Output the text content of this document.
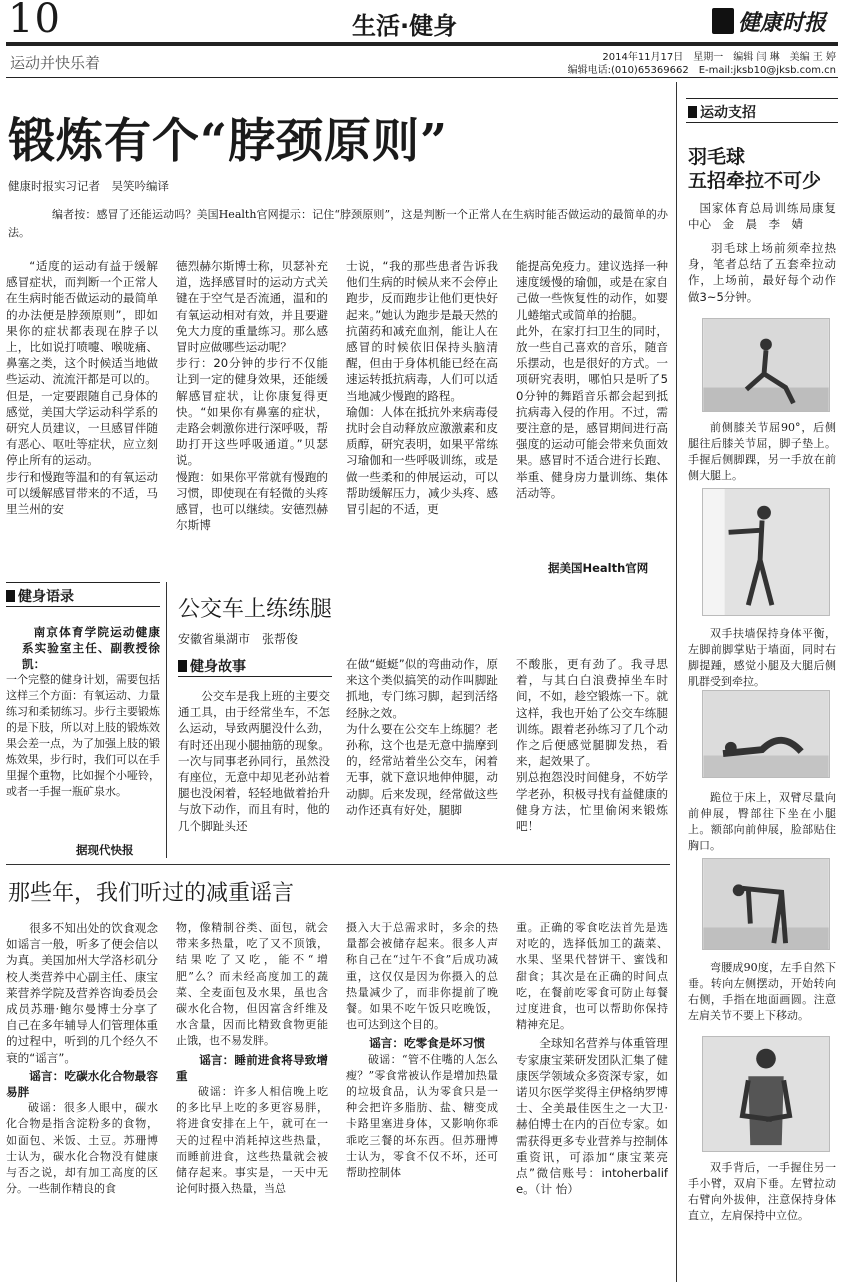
10	生活·健身	健康时报
运动并快乐着	2014年11月17日　星期一　编辑 闫 琳　美编 王 婷
编辑电话:(010)65369662　E-mail:jksb10@jksb.com.cn
锻炼有个“脖颈原则”
健康时报实习记者　吴笑吟编译
编者按：感冒了还能运动吗？美国Health官网提示：记住“脖颈原则”，这是判断一个正常人在生病时能否做运动的最简单的办法。
“适度的运动有益于缓解感冒症状，而判断一个正常人在生病时能否做运动的最简单的办法便是脖颈原则”，即如果你的症状都表现在脖子以上，比如说打喷嚏、喉咙痛、鼻塞之类，这个时候适当地做些运动、流流汗都是可以的。
但是，一定要跟随自己身体的感觉，美国大学运动科学系的研究人员建议，一旦感冒伴随有恶心、呕吐等症状，应立刻停止所有的运动。
步行和慢跑等温和的有氧运动可以缓解感冒带来的不适，马里兰州的安
德烈赫尔斯博士称，贝瑟补充道，选择感冒时的运动方式关键在于空气是否流通，温和的有氧运动相对有效，并且要避免大力度的重量练习。那么感冒时应做哪些运动呢？
步行：20分钟的步行不仅能让到一定的健身效果，还能缓解感冒症状，让你康复得更快。“如果你有鼻塞的症状，走路会刺激你进行深呼吸，帮助打开这些呼吸通道。”贝瑟说。
慢跑：如果你平常就有慢跑的习惯，即使现在有轻微的头疼感冒，也可以继续。安德烈赫尔斯博
士说，“我的那些患者告诉我他们生病的时候从来不会停止跑步，反而跑步让他们更快好起来。”她认为跑步是最天然的抗菌药和减充血剂，能让人在感冒的时候依旧保持头脑清醒，但由于身体机能已经在高速运转抵抗病毒，人们可以适当地减少慢跑的路程。
瑜伽：人体在抵抗外来病毒侵扰时会自动释放应激激素和皮质醇，研究表明，如果平常练习瑜伽和一些呼吸训练，或是做一些柔和的伸展运动，可以帮助缓解压力，减少头疼、感冒引起的不适，更
能提高免疫力。建议选择一种速度缓慢的瑜伽，或是在家自己做一些恢复性的动作，如婴儿蜷缩式或简单的抬腿。
此外，在家打扫卫生的同时，放一些自己喜欢的音乐，随音乐摆动，也是很好的方式。一项研究表明，哪怕只是听了50分钟的舞蹈音乐都会起到抵抗病毒入侵的作用。不过，需要注意的是，感冒期间进行高强度的运动可能会带来负面效果。感冒时不适合进行长跑、举重、健身房力量训练、集体活动等。
据美国Health官网
健身语录
南京体育学院运动健康系实验室主任、副教授徐凯：
一个完整的健身计划，需要包括这样三个方面：有氧运动、力量练习和柔韧练习。步行主要锻炼的是下肢，所以对上肢的锻炼效果会差一点，为了加强上肢的锻炼效果，步行时，我们可以在手里握个重物，比如握个小哑铃，或者一手握一瓶矿泉水。
据现代快报
公交车上练练腿
安徽省巢湖市　张帮俊
健身故事

公交车是我上班的主要交通工具，由于经常坐车，不怎么运动，导致两腿没什么劲，有时还出现小腿抽筋的现象。一次与同事老孙同行，虽然没有座位，无意中却见老孙站着腿也没闲着，轻轻地做着抬升与放下动作，而且有时，他的几个脚趾头还

在做“蜓蜓”似的弯曲动作，原来这个类似搞笑的动作叫脚趾抓地，专门练习脚，起到活络经脉之效。
为什么要在公交车上练腿？老孙称，这个也是无意中揣摩到的，经常站着坐公交车，闲着无事，就下意识地伸伸腿，动动脚。后来发现，经常做这些动作还真有好处，腿脚
不酸胀，更有劲了。我寻思着，与其白白浪费掉坐车时间，不如，趁空锻炼一下。就这样，我也开始了公交车练腿训练。跟着老孙练习了几个动作之后便感觉腿脚发热，看来，起效果了。
别总抱怨没时间健身，不妨学学老孙，积极寻找有益健康的健身方法，忙里偷闲来锻炼吧！
那些年，我们听过的减重谣言

很多不知出处的饮食观念如谣言一般，听多了便会信以为真。美国加州大学洛杉矶分校人类营养中心副主任、康宝莱营养学院及营养咨询委员会成员苏珊·鲍尔曼博士分享了自己在多年辅导人们管理体重的过程中，听到的几个经久不衰的“谣言”。

谣言：吃碳水化合物最容易胖

破谣：很多人眼中，碳水化合物是指含淀粉多的食物，如面包、米饭、土豆。苏珊博士认为，碳水化合物没有健康与否之说，却有加工高度的区分。一些制作精良的食

物，像精制谷类、面包，就会带来多热量，吃了又不顶饿，结果吃了又吃，能不“增肥”么？而未经高度加工的蔬菜、全麦面包及水果，虽也含碳水化合物，但因富含纤维及水含量，因而比精致食物更能止饿，也不易发胖。

谣言：睡前进食将导致增重

破谣：许多人相信晚上吃的多比早上吃的多更容易胖，将进食安排在上午，就可在一天的过程中消耗掉这些热量，而睡前进食，这些热量就会被储存起来。事实是，一天中无论何时摄入热量，当总

摄入大于总需求时，多余的热量都会被储存起来。很多人声称自己在“过午不食”后成功减重，这仅仅是因为你摄入的总热量减少了，而非你提前了晚餐。如果不吃午饭只吃晚饭，也可达到这个目的。

谣言：吃零食是坏习惯

破谣：“管不住嘴的人怎么瘦？”零食常被认作是增加热量的垃圾食品，认为零食只是一种会把许多脂肪、盐、糖变成卡路里塞进身体，又影响你乖乖吃三餐的坏东西。但苏珊博士认为，零食不仅不坏，还可帮助控制体

重。正确的零食吃法首先是选对吃的，选择低加工的蔬菜、水果、坚果代替饼干、蜜饯和甜食；其次是在正确的时间点吃，在餐前吃零食可防止每餐过度进食，也可以帮助你保持精神充足。

全球知名营养与体重管理专家康宝莱研发团队汇集了健康医学领域众多资深专家，如诺贝尔医学奖得主伊格纳罗博士、全美最佳医生之一大卫·赫伯博士在内的百位专家。如需获得更多专业营养与控制体重资讯，可添加“康宝莱亮点”微信账号：intoherbalife。（计 怡）

运动支招
羽毛球
五招牵拉不可少
国家体育总局训练局康复中心　金　晨　李　婧
羽毛球上场前须牵拉热身，笔者总结了五套牵拉动作，上场前，最好每个动作做3~5分钟。
前侧膝关节屈90°，后侧腿往后膝关节屈，脚子垫上。手握后侧脚踝，另一手放在前侧大腿上。
双手扶墙保持身体平衡，左脚前脚掌贴于墙面，同时右脚提踵，感觉小腿及大腿后侧肌群受到牵拉。
跪位于床上，双臂尽量向前伸展，臀部往下坐在小腿上。额部向前伸展，脸部贴住胸口。
弯腰成90度，左手自然下垂。转向左侧摆动，开始转向右侧，手指在地面画圆。注意左肩关节不要上下移动。
双手背后，一手握住另一手小臂，双肩下垂。左臂拉动右臂向外拔伸，注意保持身体直立，左肩保持中立位。
